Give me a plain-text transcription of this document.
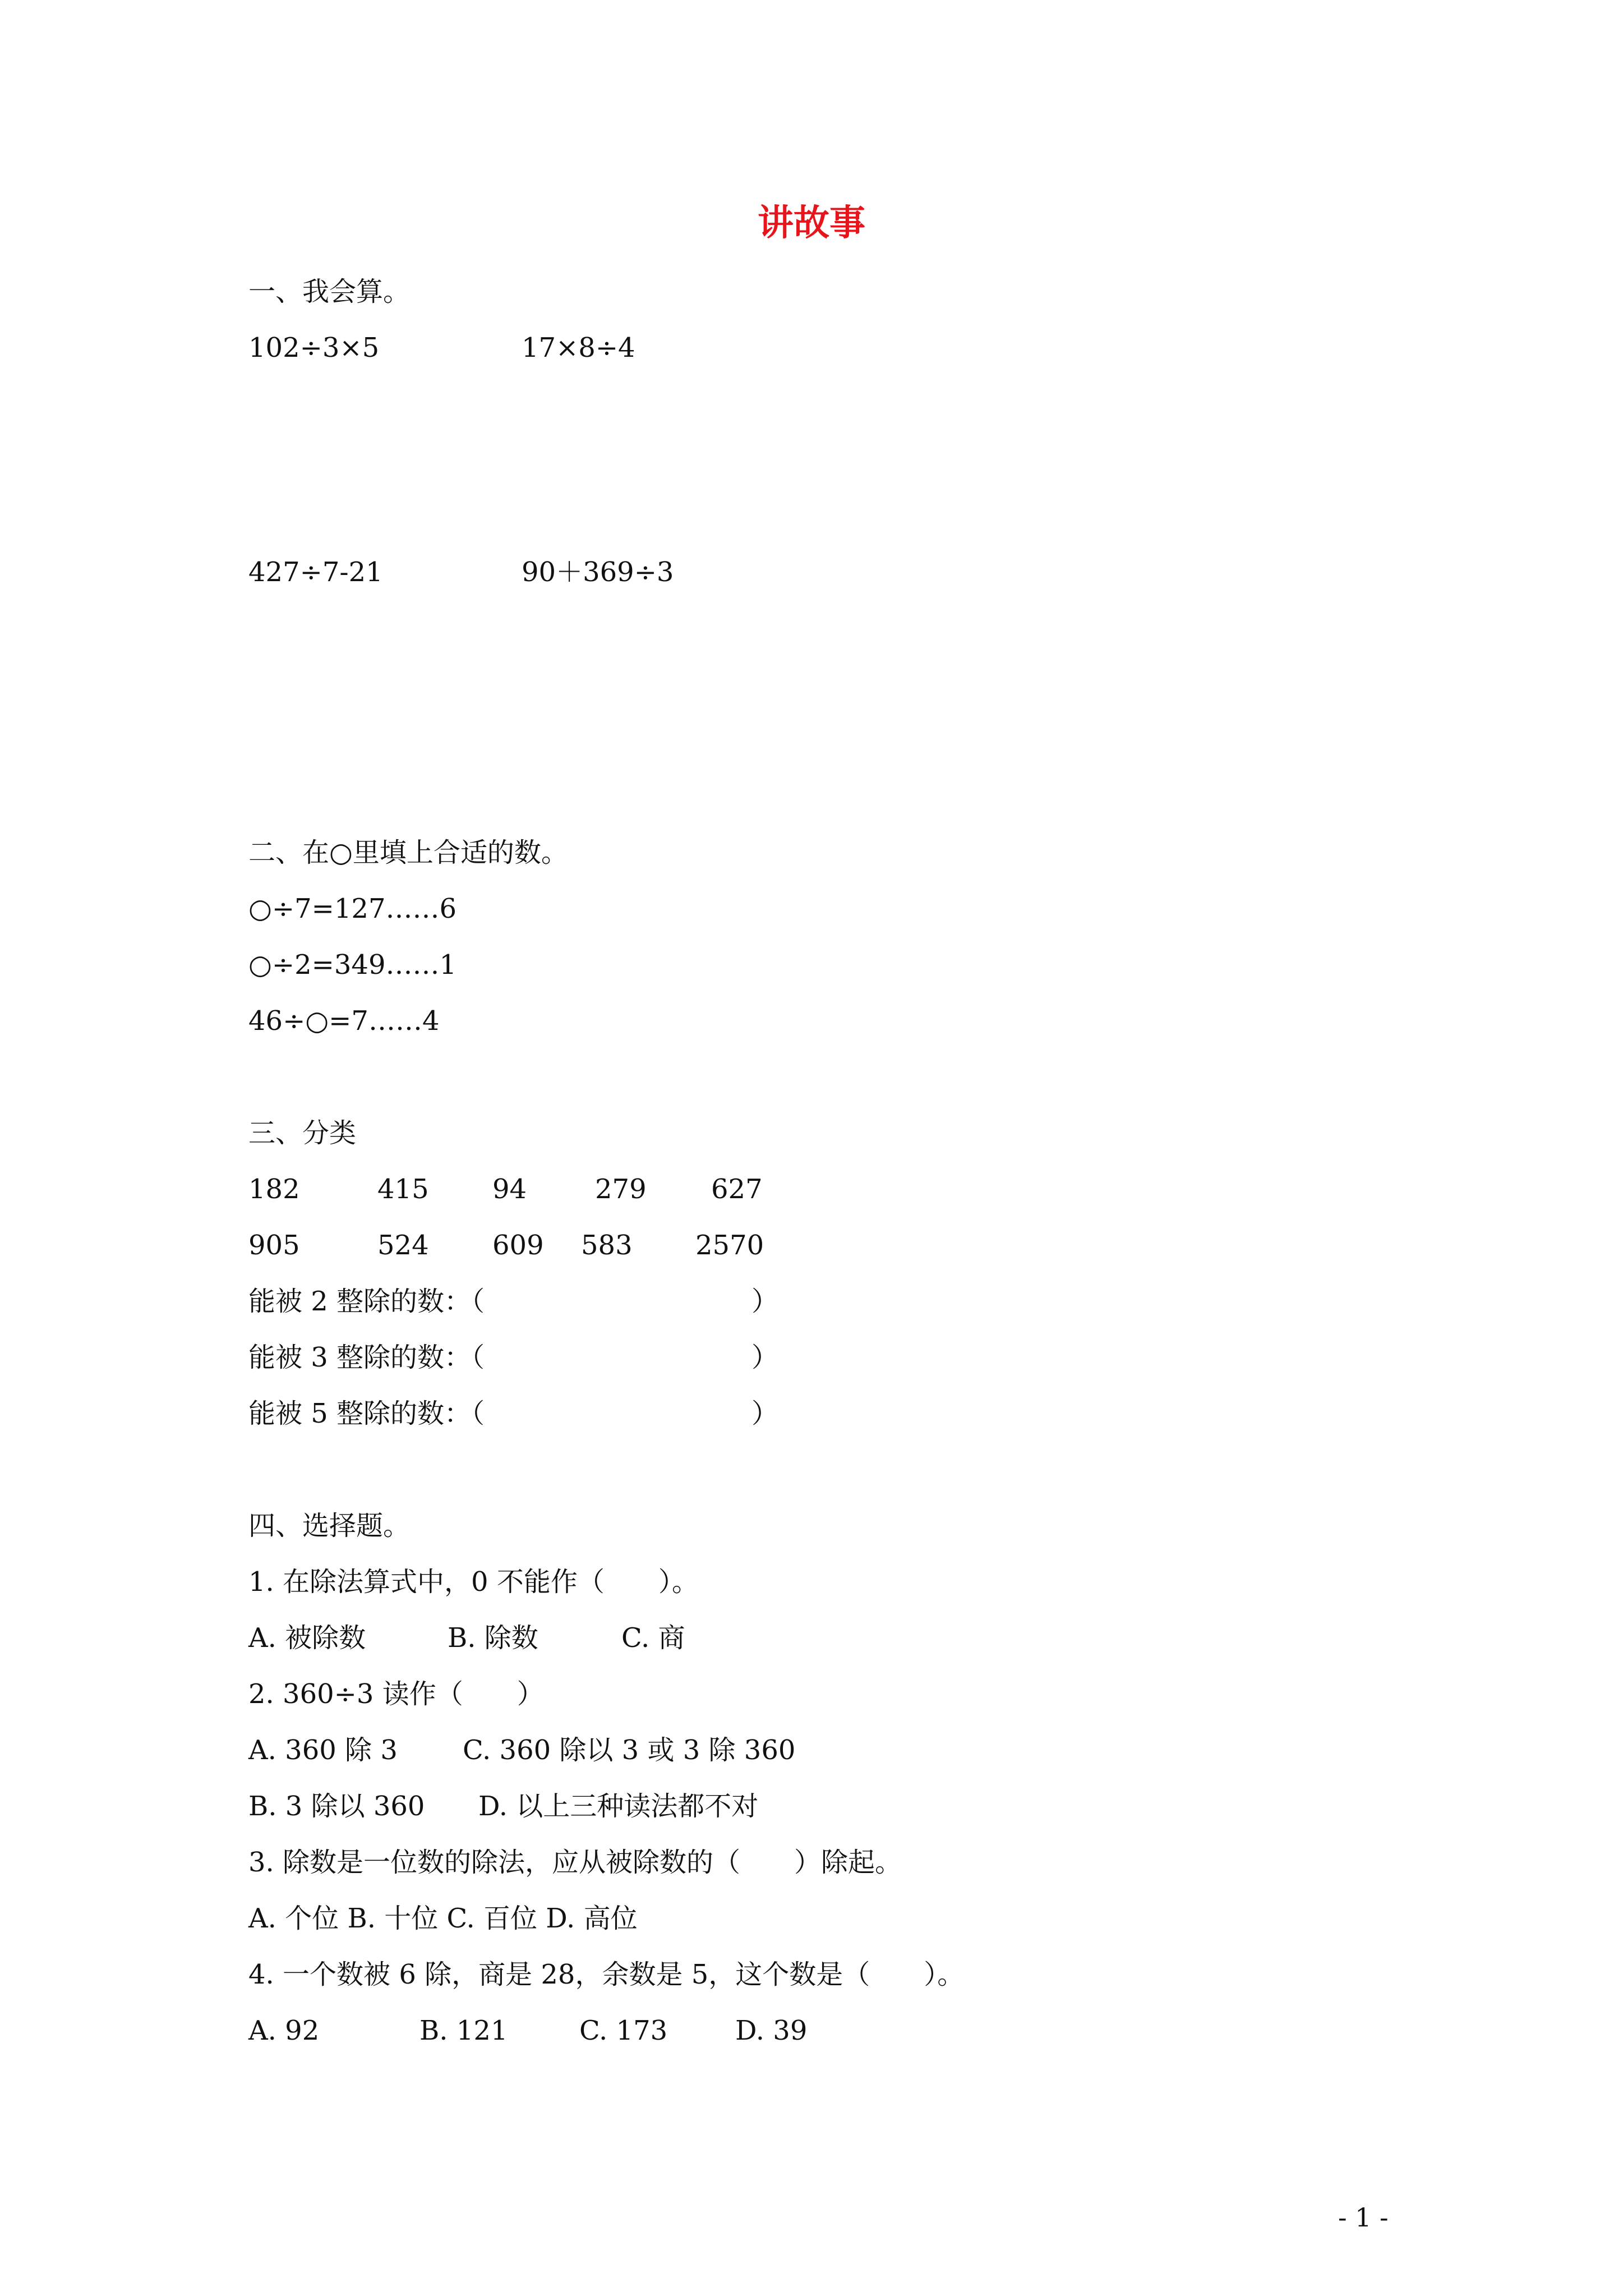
讲故事
一、我会算。
102÷3×5	17×8÷4
427÷7-21	90＋369÷3
二、在○里填上合适的数。
○÷7=127……6
○÷2=349……1
46÷○=7……4
三、分类
182	415 94	279 627
905	524 609 583 2570
能被 2 整除的数：（	）
能被 3 整除的数：（	）
能被 5 整除的数：（	）
四、选择题。
1. 在除法算式中，0 不能作（　　）。
A. 被除数	B. 除数	C. 商
2. 360÷3 读作（　　）
A. 360 除 3 C. 360 除以 3 或 3 除 360
B. 3 除以 360 D. 以上三种读法都不对
3. 除数是一位数的除法，应从被除数的（　　）除起。
A. 个位 B. 十位 C. 百位 D. 高位
4. 一个数被 6 除，商是 28，余数是 5，这个数是（　　）。
A. 92	B. 121	C. 173	D. 39
- 1 -
